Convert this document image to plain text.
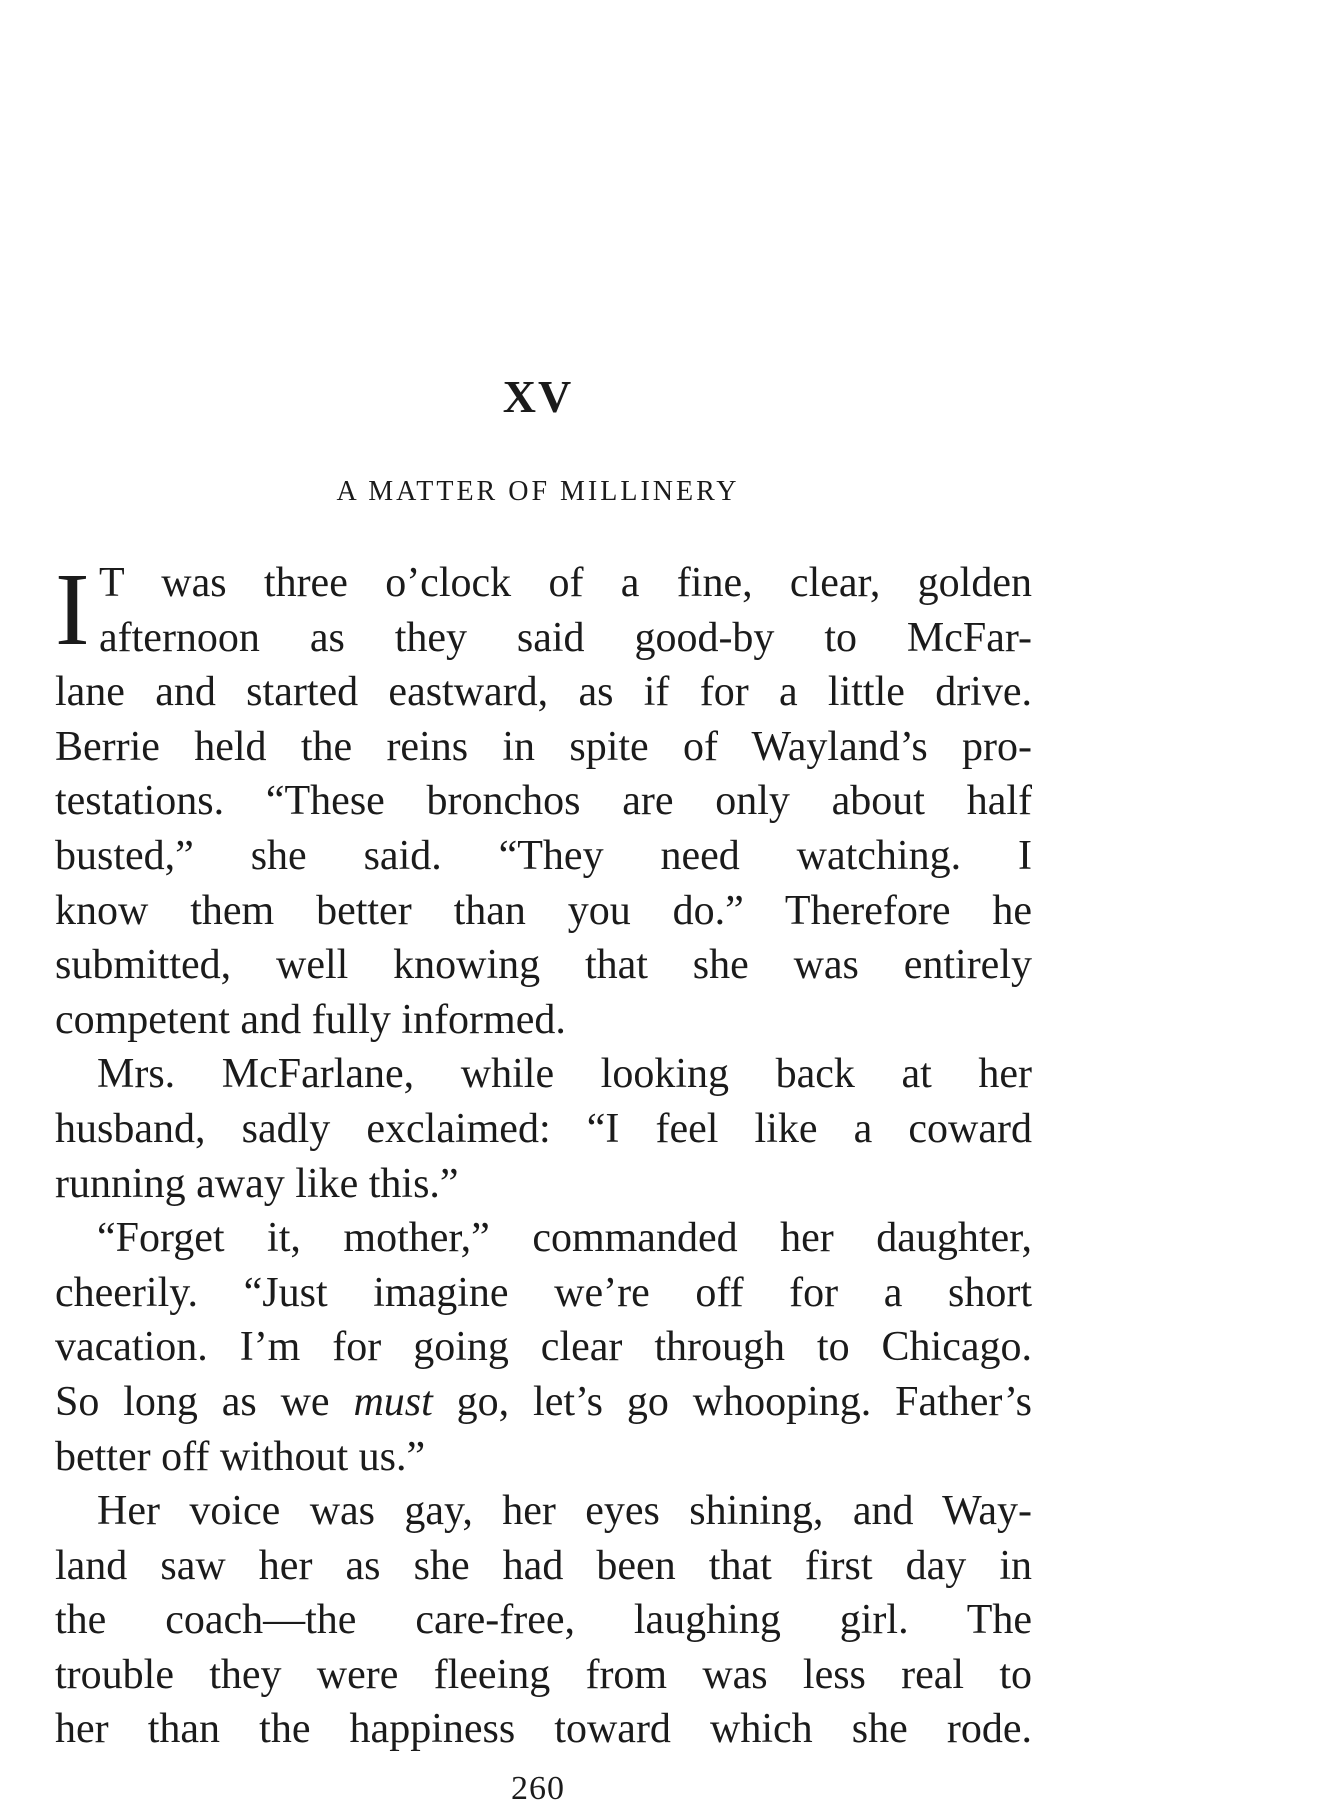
XV
A MATTER OF MILLINERY
I T was three o’clock of a fine, clear, golden
afternoon as they said good-by to McFar-
lane and started eastward, as if for a little drive.
Berrie held the reins in spite of Wayland’s pro-
testations. “These bronchos are only about half
busted,” she said. “They need watching. I
know them better than you do.” Therefore he
submitted, well knowing that she was entirely
competent and fully informed.
Mrs. McFarlane, while looking back at her
husband, sadly exclaimed: “I feel like a coward
running away like this.”
“Forget it, mother,” commanded her daughter,
cheerily. “Just imagine we’re off for a short
vacation. I’m for going clear through to Chicago.
So long as we must go, let’s go whooping. Father’s
better off without us.”
Her voice was gay, her eyes shining, and Way-
land saw her as she had been that first day in
the coach—the care-free, laughing girl. The
trouble they were fleeing from was less real to
her than the happiness toward which she rode.
260
